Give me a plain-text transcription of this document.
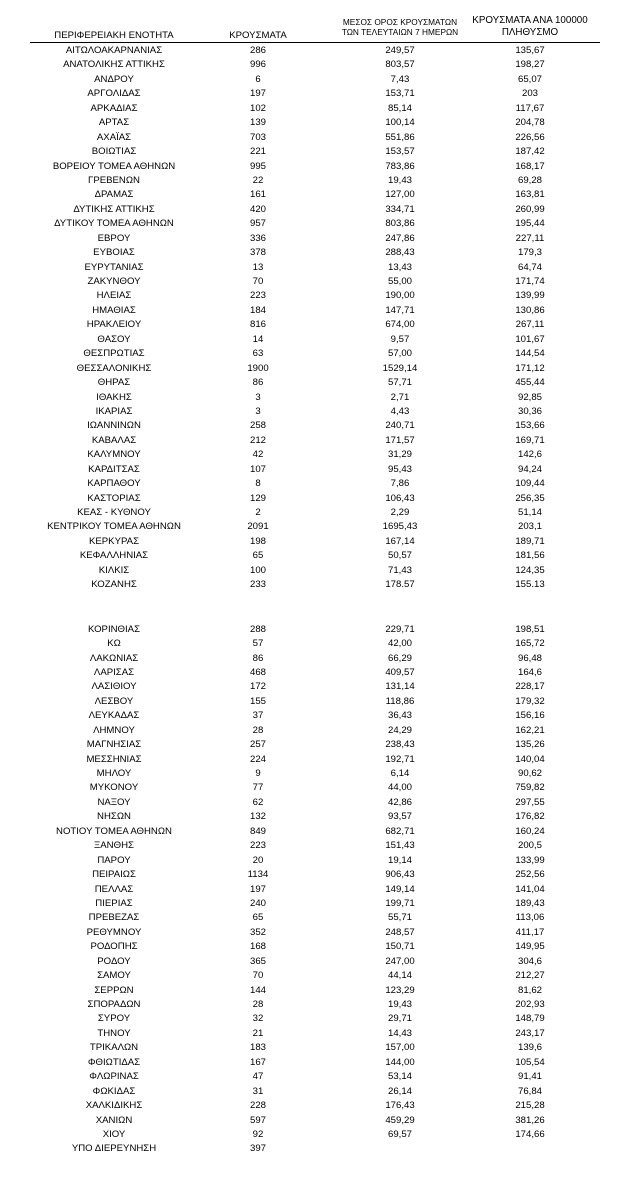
ΠΕΡΙΦΕΡΕΙΑΚΗ ΕΝΟΤΗΤΑ	ΚΡΟΥΣΜΑΤΑ
ΜΕΣΟΣ ΟΡΟΣ ΚΡΟΥΣΜΑΤΩΝ
ΤΩΝ ΤΕΛΕΥΤΑΙΩΝ 7 ΗΜΕΡΩΝ
ΚΡΟΥΣΜΑΤΑ ΑΝΑ 100000
ΠΛΗΘΥΣΜΟ
ΑΙΤΩΛΟΑΚΑΡΝΑΝΙΑΣ	286	249,57	135,67
ΑΝΑΤΟΛΙΚΗΣ ΑΤΤΙΚΗΣ	996	803,57	198,27
ΑΝΔΡΟΥ	6	7,43	65,07
ΑΡΓΟΛΙΔΑΣ	197	153,71	203
ΑΡΚΑΔΙΑΣ	102	85,14	117,67
ΑΡΤΑΣ	139	100,14	204,78
ΑΧΑΪΑΣ	703	551,86	226,56
ΒΟΙΩΤΙΑΣ	221	153,57	187,42
ΒΟΡΕΙΟΥ ΤΟΜΕΑ ΑΘΗΝΩΝ	995	783,86	168,17
ΓΡΕΒΕΝΩΝ	22	19,43	69,28
ΔΡΑΜΑΣ	161	127,00	163,81
ΔΥΤΙΚΗΣ ΑΤΤΙΚΗΣ	420	334,71	260,99
ΔΥΤΙΚΟΥ ΤΟΜΕΑ ΑΘΗΝΩΝ	957	803,86	195,44
ΕΒΡΟΥ	336	247,86	227,11
ΕΥΒΟΙΑΣ	378	288,43	179,3
ΕΥΡΥΤΑΝΙΑΣ	13	13,43	64,74
ΖΑΚΥΝΘΟΥ	70	55,00	171,74
ΗΛΕΙΑΣ	223	190,00	139,99
ΗΜΑΘΙΑΣ	184	147,71	130,86
ΗΡΑΚΛΕΙΟΥ	816	674,00	267,11
ΘΑΣΟΥ	14	9,57	101,67
ΘΕΣΠΡΩΤΙΑΣ	63	57,00	144,54
ΘΕΣΣΑΛΟΝΙΚΗΣ	1900	1529,14	171,12
ΘΗΡΑΣ	86	57,71	455,44
ΙΘΑΚΗΣ	3	2,71	92,85
ΙΚΑΡΙΑΣ	3	4,43	30,36
ΙΩΑΝΝΙΝΩΝ	258	240,71	153,66
ΚΑΒΑΛΑΣ	212	171,57	169,71
ΚΑΛΥΜΝΟΥ	42	31,29	142,6
ΚΑΡΔΙΤΣΑΣ	107	95,43	94,24
ΚΑΡΠΑΘΟΥ	8	7,86	109,44
ΚΑΣΤΟΡΙΑΣ	129	106,43	256,35
ΚΕΑΣ - ΚΥΘΝΟΥ	2	2,29	51,14
ΚΕΝΤΡΙΚΟΥ ΤΟΜΕΑ ΑΘΗΝΩΝ	2091	1695,43	203,1
ΚΕΡΚΥΡΑΣ	198	167,14	189,71
ΚΕΦΑΛΛΗΝΙΑΣ	65	50,57	181,56
ΚΙΛΚΙΣ	100	71,43	124,35
ΚΟΖΑΝΗΣ	233	178.57	155.13
ΚΟΡΙΝΘΙΑΣ	288	229,71	198,51
ΚΩ	57	42,00	165,72
ΛΑΚΩΝΙΑΣ	86	66,29	96,48
ΛΑΡΙΣΑΣ	468	409,57	164,6
ΛΑΣΙΘΙΟΥ	172	131,14	228,17
ΛΕΣΒΟΥ	155	118,86	179,32
ΛΕΥΚΑΔΑΣ	37	36,43	156,16
ΛΗΜΝΟΥ	28	24,29	162,21
ΜΑΓΝΗΣΙΑΣ	257	238,43	135,26
ΜΕΣΣΗΝΙΑΣ	224	192,71	140,04
ΜΗΛΟΥ	9	6,14	90,62
ΜΥΚΟΝΟΥ	77	44,00	759,82
ΝΑΞΟΥ	62	42,86	297,55
ΝΗΣΩΝ	132	93,57	176,82
ΝΟΤΙΟΥ ΤΟΜΕΑ ΑΘΗΝΩΝ	849	682,71	160,24
ΞΑΝΘΗΣ	223	151,43	200,5
ΠΑΡΟΥ	20	19,14	133,99
ΠΕΙΡΑΙΩΣ	1134	906,43	252,56
ΠΕΛΛΑΣ	197	149,14	141,04
ΠΙΕΡΙΑΣ	240	199,71	189,43
ΠΡΕΒΕΖΑΣ	65	55,71	113,06
ΡΕΘΥΜΝΟΥ	352	248,57	411,17
ΡΟΔΟΠΗΣ	168	150,71	149,95
ΡΟΔΟΥ	365	247,00	304,6
ΣΑΜΟΥ	70	44,14	212,27
ΣΕΡΡΩΝ	144	123,29	81,62
ΣΠΟΡΑΔΩΝ	28	19,43	202,93
ΣΥΡΟΥ	32	29,71	148,79
ΤΗΝΟΥ	21	14,43	243,17
ΤΡΙΚΑΛΩΝ	183	157,00	139,6
ΦΘΙΩΤΙΔΑΣ	167	144,00	105,54
ΦΛΩΡΙΝΑΣ	47	53,14	91,41
ΦΩΚΙΔΑΣ	31	26,14	76,84
ΧΑΛΚΙΔΙΚΗΣ	228	176,43	215,28
ΧΑΝΙΩΝ	597	459,29	381,26
ΧΙΟΥ	92	69,57	174,66
ΥΠΟ ΔΙΕΡΕΥΝΗΣΗ	397
